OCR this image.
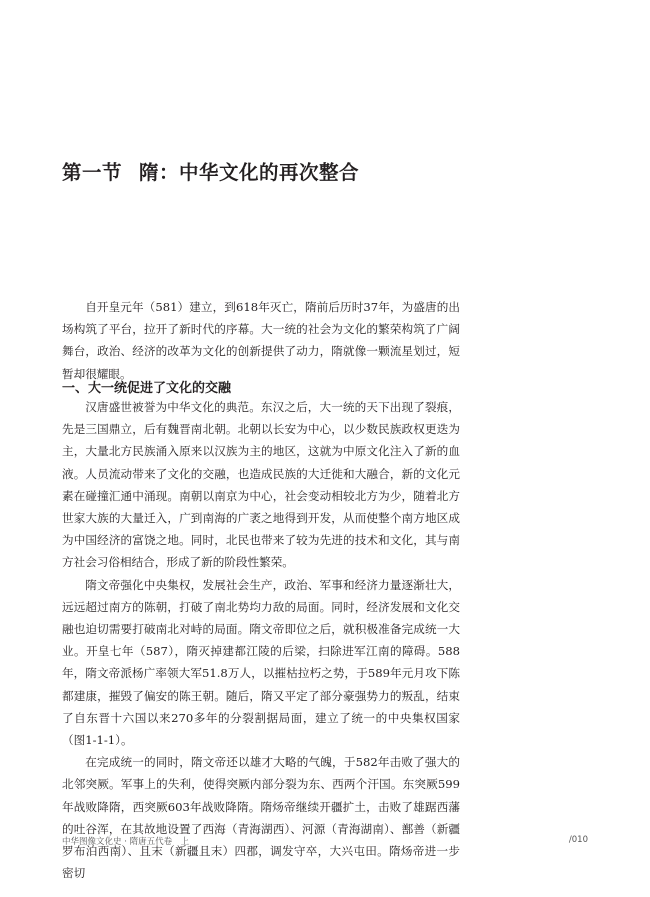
第一节 隋：中华文化的再次整合

自开皇元年（581）建立，到618年灭亡，隋前后历时37年，为盛唐的出场构筑了平台，拉开了新时代的序幕。大一统的社会为文化的繁荣构筑了广阔舞台，政治、经济的改革为文化的创新提供了动力，隋就像一颗流星划过，短暂却很耀眼。

一、大一统促进了文化的交融

汉唐盛世被誉为中华文化的典范。东汉之后，大一统的天下出现了裂痕，先是三国鼎立，后有魏晋南北朝。北朝以长安为中心，以少数民族政权更迭为主，大量北方民族涌入原来以汉族为主的地区，这就为中原文化注入了新的血液。人员流动带来了文化的交融，也造成民族的大迁徙和大融合，新的文化元素在碰撞汇通中涌现。南朝以南京为中心，社会变动相较北方为少，随着北方世家大族的大量迁入，广到南海的广袤之地得到开发，从而使整个南方地区成为中国经济的富饶之地。同时，北民也带来了较为先进的技术和文化，其与南方社会习俗相结合，形成了新的阶段性繁荣。

隋文帝强化中央集权，发展社会生产，政治、军事和经济力量逐渐壮大，远远超过南方的陈朝，打破了南北势均力敌的局面。同时，经济发展和文化交融也迫切需要打破南北对峙的局面。隋文帝即位之后，就积极准备完成统一大业。开皇七年（587），隋灭掉建都江陵的后梁，扫除进军江南的障碍。588年，隋文帝派杨广率领大军51.8万人，以摧枯拉朽之势，于589年元月攻下陈都建康，摧毁了偏安的陈王朝。随后，隋又平定了部分豪强势力的叛乱，结束了自东晋十六国以来270多年的分裂割据局面，建立了统一的中央集权国家（图1-1-1）。

在完成统一的同时，隋文帝还以雄才大略的气魄，于582年击败了强大的北邻突厥。军事上的失利，使得突厥内部分裂为东、西两个汗国。东突厥599年战败降隋，西突厥603年战败降隋。隋炀帝继续开疆扩土，击败了雄踞西藩的吐谷浑，在其故地设置了西海（青海湖西）、河源（青海湖南）、鄯善（新疆罗布泊西南）、且末（新疆且末）四郡，调发守卒，大兴屯田。隋炀帝进一步密切

中华图像文化史 · 隋唐五代卷　上	/010
